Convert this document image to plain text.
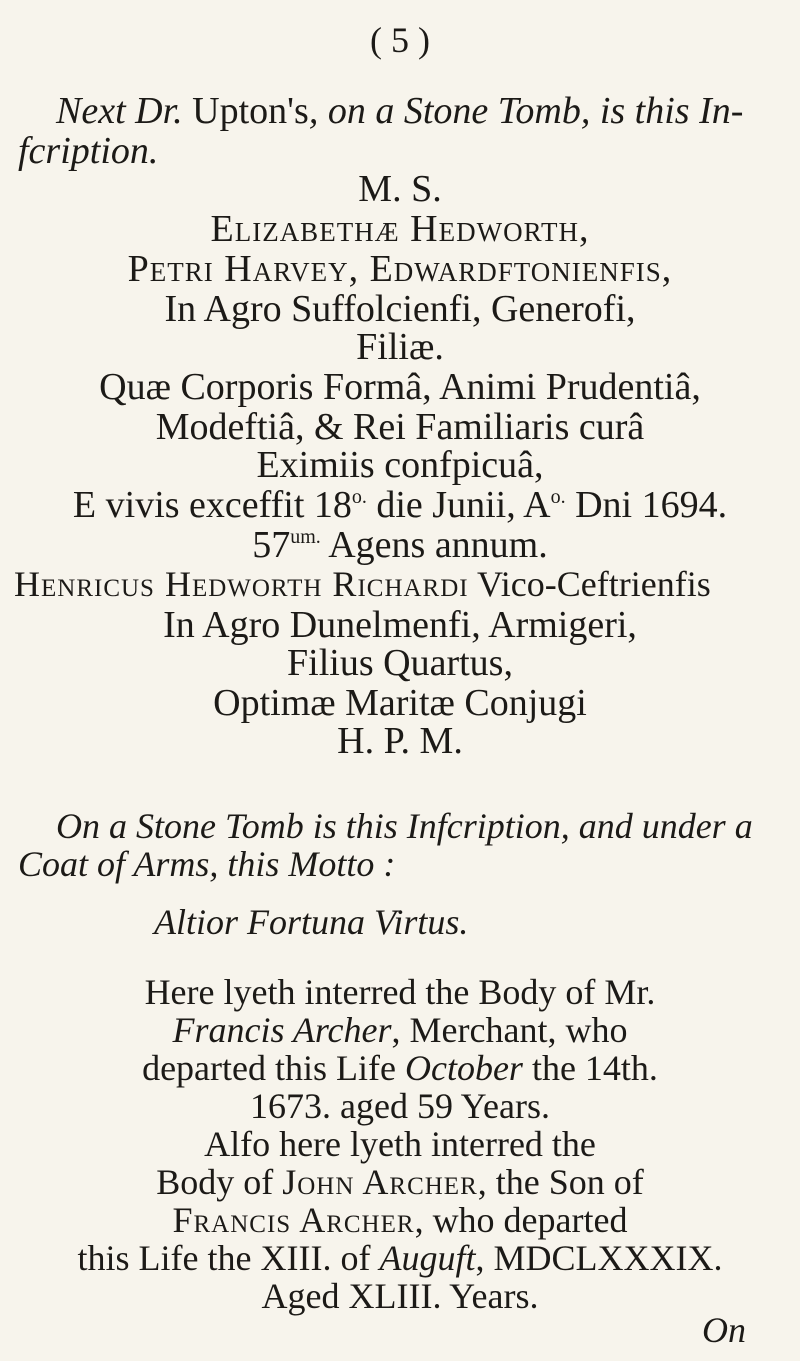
( 5 )
Next Dr. Upton's, on a Stone Tomb, is this In-
fcription.
M. S.
Elizabethæ Hedworth,
Petri Harvey, Edwardftonienfis,
In Agro Suffolcienfi, Generofi,
Filiæ.
Quæ Corporis Formâ, Animi Prudentiâ,
Modeftiâ, & Rei Familiaris curâ
Eximiis confpicuâ,
E vivis exceffit $18^{o.}$ die Junii, $A^{o.}$ Dni 1694.
$57^{um.}$ Agens annum.
Henricus Hedworth Richardi Vico-Ceftrienfis
In Agro Dunelmenfi, Armigeri,
Filius Quartus,
Optimæ Maritæ Conjugi
H. P. M.
On a Stone Tomb is this Infcription, and under a
Coat of Arms, this Motto :
Altior Fortuna Virtus.
Here lyeth interred the Body of Mr.
Francis Archer, Merchant, who
departed this Life October the 14th.
1673. aged 59 Years.
Alfo here lyeth interred the
Body of John Archer, the Son of
Francis Archer, who departed
this Life the XIII. of Auguft, MDCLXXXIX.
Aged XLIII. Years.
On
